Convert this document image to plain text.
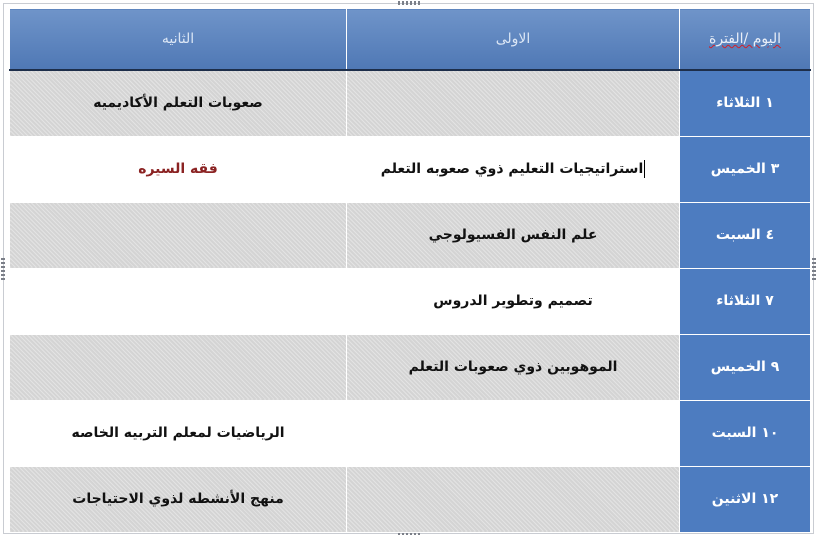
اليوم /الفترة	الاولى	الثانيه
١ الثلاثاء		صعوبات التعلم الأكاديميه
٣ الخميس	استراتيجيات التعليم ذوي صعوبه التعلم	فقه السيره
٤ السبت	علم النفس الفسيولوجي	
٧ الثلاثاء	تصميم وتطوير الدروس	
٩ الخميس	الموهوبين ذوي صعوبات التعلم	
١٠ السبت		الرياضيات لمعلم التربيه الخاصه
١٢ الاثنين		منهج الأنشطه لذوي الاحتياجات
